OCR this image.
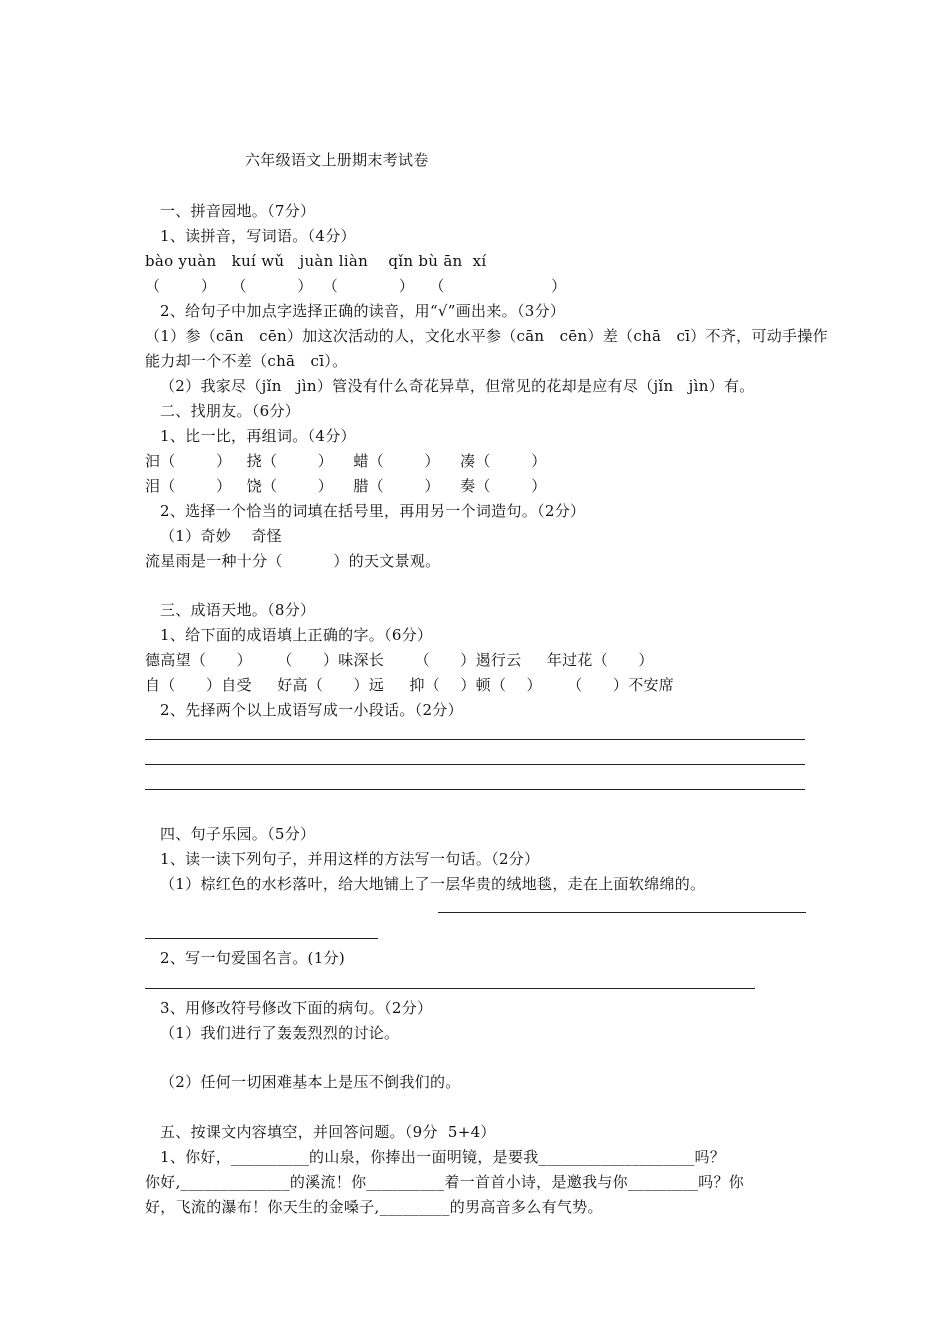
六年级语文上册期末考试卷
一、拼音园地。（7分）
1、读拼音，写词语。（4分）
bào yuàn   kuí wǔ   juàn liàn    qǐn bù ān  xí
（        ）   （          ）  （            ）   （                     ）
2、给句子中加点字选择正确的读音，用“√”画出来。（3分）
（1）参（cān   cēn）加这次活动的人，文化水平参（cān   cēn）差（chā   cī）不齐，可动手操作
能力却一个不差（chā   cī）。
（2）我家尽（jǐn   jìn）管没有什么奇花异草，但常见的花却是应有尽（jǐn   jìn）有。
二、找朋友。（6分）
1、比一比，再组词。（4分）
汩（        ）   挠（        ）    蜡（        ）    凑（        ）
泪（        ）   饶（        ）    腊（        ）    奏（        ）
2、选择一个恰当的词填在括号里，再用另一个词造句。（2分）
（1）奇妙    奇怪
流星雨是一种十分（          ）的天文景观。
三、成语天地。（8分）
1、给下面的成语填上正确的字。（6分）
德高望（      ）     （      ）味深长      （      ）遏行云     年过花（      ）
自（      ）自受     好高（      ）远     抑（    ）顿（    ）     （      ）不安席
2、先择两个以上成语写成一小段话。（2分）
四、句子乐园。（5分）
1、读一读下列句子，并用这样的方法写一句话。（2分）
（1）棕红色的水杉落叶，给大地铺上了一层华贵的绒地毯，走在上面软绵绵的。
2、写一句爱国名言。(1分)
3、用修改符号修改下面的病句。（2分）
（1）我们进行了轰轰烈烈的讨论。
（2）任何一切困难基本上是压不倒我们的。
五、按课文内容填空，并回答问题。（9分  5+4）
1、你好，__________的山泉，你捧出一面明镜，是要我____________________吗？
你好,______________的溪流！你__________着一首首小诗，是邀我与你_________吗？你
好，飞流的瀑布！你天生的金嗓子,_________的男高音多么有气势。
